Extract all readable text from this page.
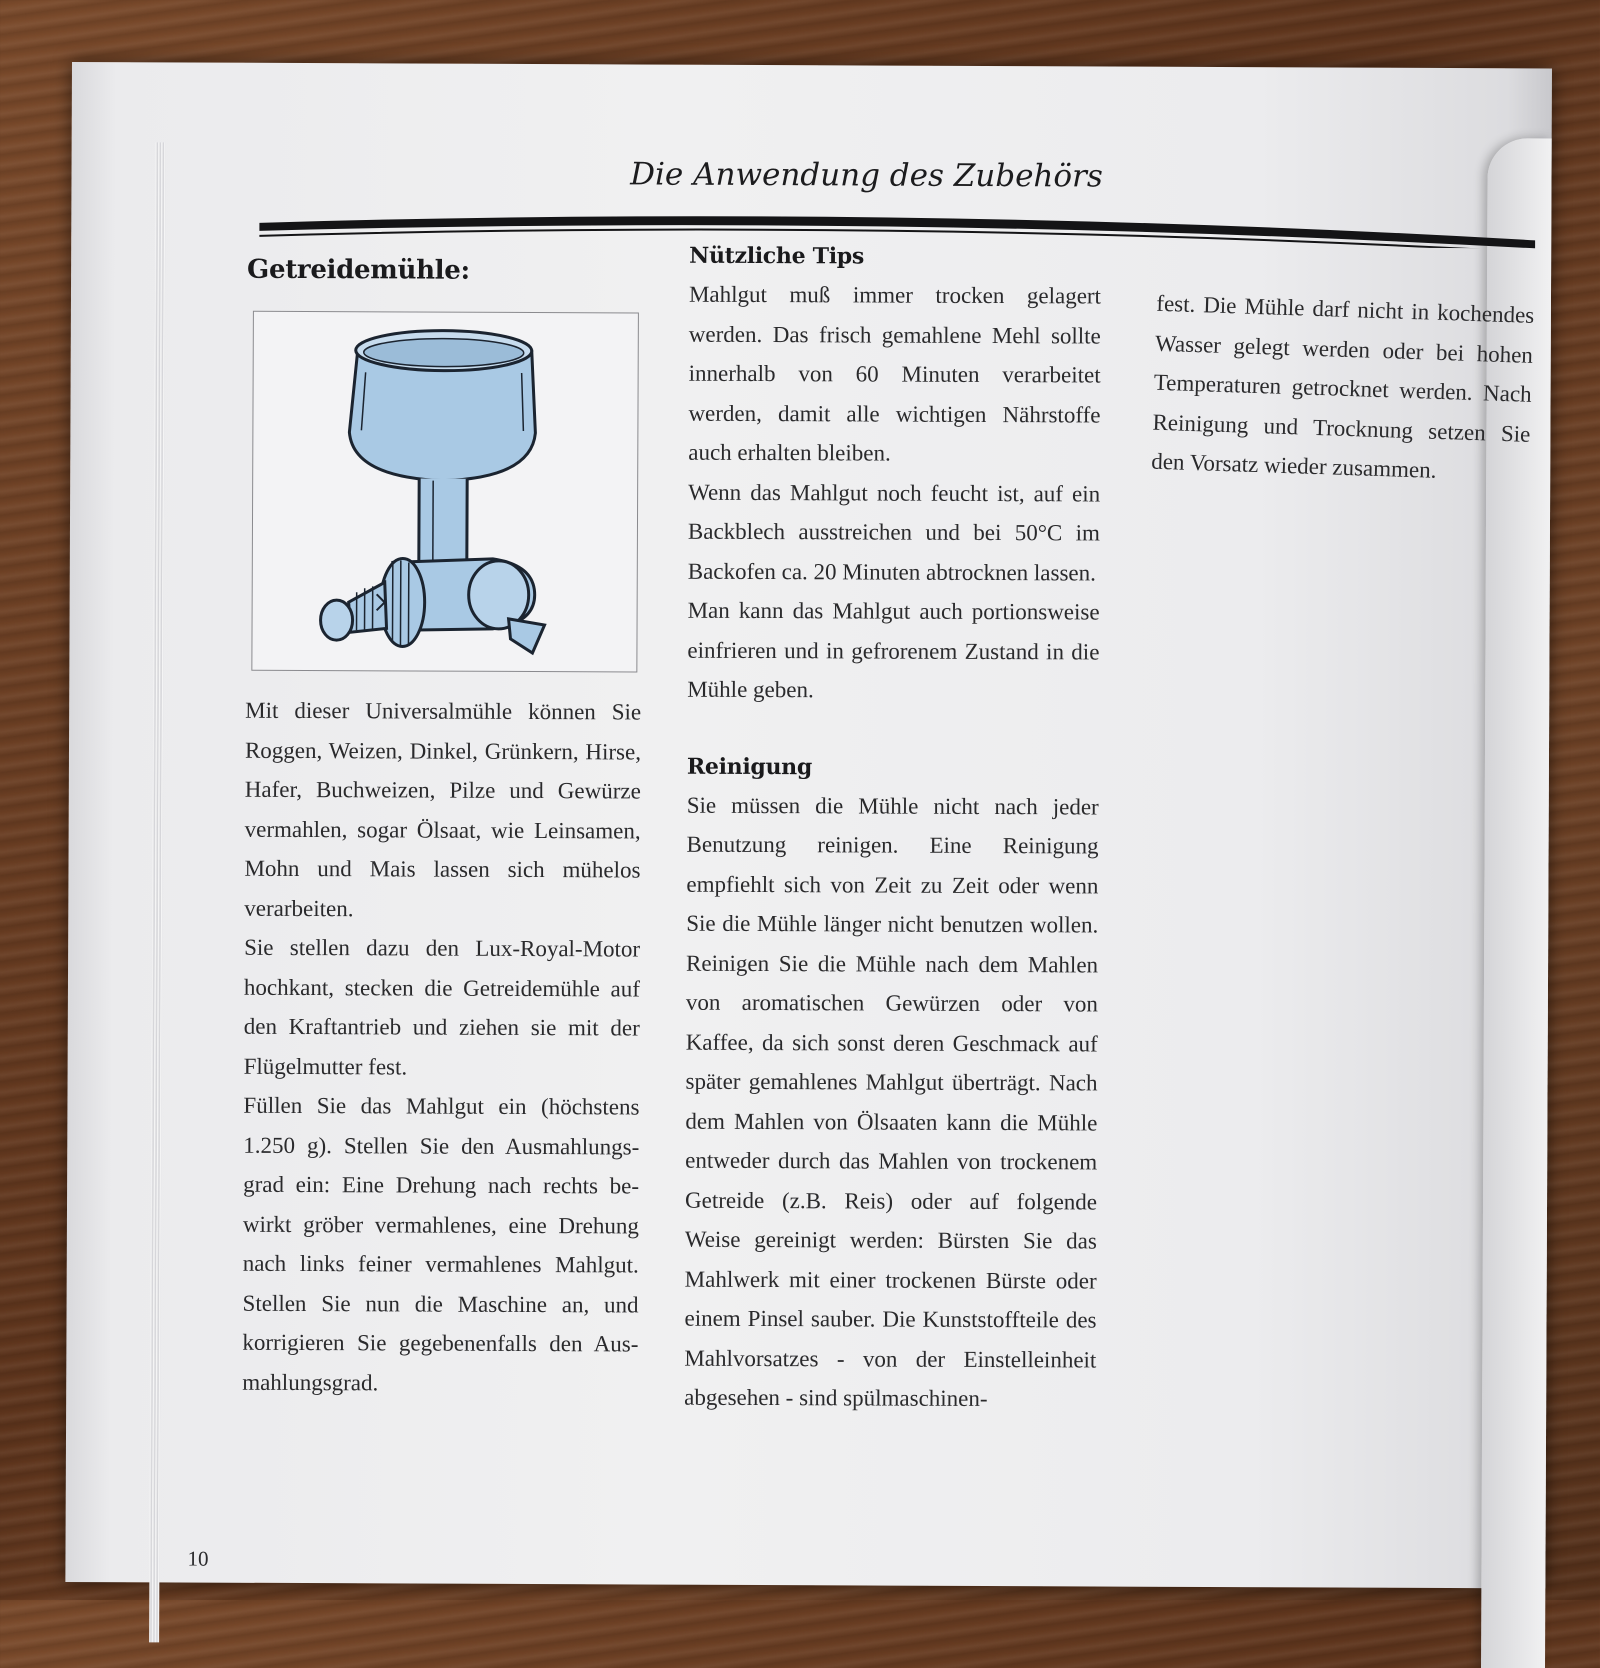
Die Anwendung des Zubehörs
Getreidemühle:

Mit dieser Universalmühle können Sie Roggen, Weizen, Dinkel, Grünkern, Hirse, Hafer, Buchweizen, Pilze und Gewürze vermahlen, sogar Ölsaat, wie Leinsamen, Mohn und Mais lassen sich mühelos verarbeiten.

Sie stellen dazu den Lux-Royal-Motor hochkant, stecken die Getreidemühle auf den Kraftantrieb und ziehen sie mit der Flügelmutter fest.

Füllen Sie das Mahlgut ein (höchstens 1.250 g). Stellen Sie den Ausmahlungsgrad ein: Eine Drehung nach rechts bewirkt gröber vermahlenes, eine Drehung nach links feiner vermahlenes Mahlgut. Stellen Sie nun die Maschine an, und korrigieren Sie gegebenenfalls den Ausmahlungsgrad.

Nützliche Tips

Mahlgut muß immer trocken gelagert werden. Das frisch gemahlene Mehl sollte innerhalb von 60 Minuten verarbeitet werden, damit alle wichtigen Nährstoffe auch erhalten bleiben.

Wenn das Mahlgut noch feucht ist, auf ein Backblech ausstreichen und bei 50°C im Backofen ca. 20 Minuten abtrocknen lassen.

Man kann das Mahlgut auch portionsweise einfrieren und in gefrorenem Zustand in die Mühle geben.

Reinigung

Sie müssen die Mühle nicht nach jeder Benutzung reinigen. Eine Reinigung empfiehlt sich von Zeit zu Zeit oder wenn Sie die Mühle länger nicht benutzen wollen. Reinigen Sie die Mühle nach dem Mahlen von aromatischen Gewürzen oder von Kaffee, da sich sonst deren Geschmack auf später gemahlenes Mahlgut überträgt. Nach dem Mahlen von Ölsaaten kann die Mühle entweder durch das Mahlen von trockenem Getreide (z.B. Reis) oder auf folgende Weise gereinigt werden: Bürsten Sie das Mahlwerk mit einer trockenen Bürste oder einem Pinsel sauber. Die Kunststoffteile des Mahlvorsatzes - von der Einstelleinheit abgesehen - sind spülmaschinen-

fest. Die Mühle darf nicht in kochendes Wasser gelegt werden oder bei hohen Temperaturen getrocknet werden. Nach Reinigung und Trocknung setzen Sie den Vorsatz wieder zusammen.

10
